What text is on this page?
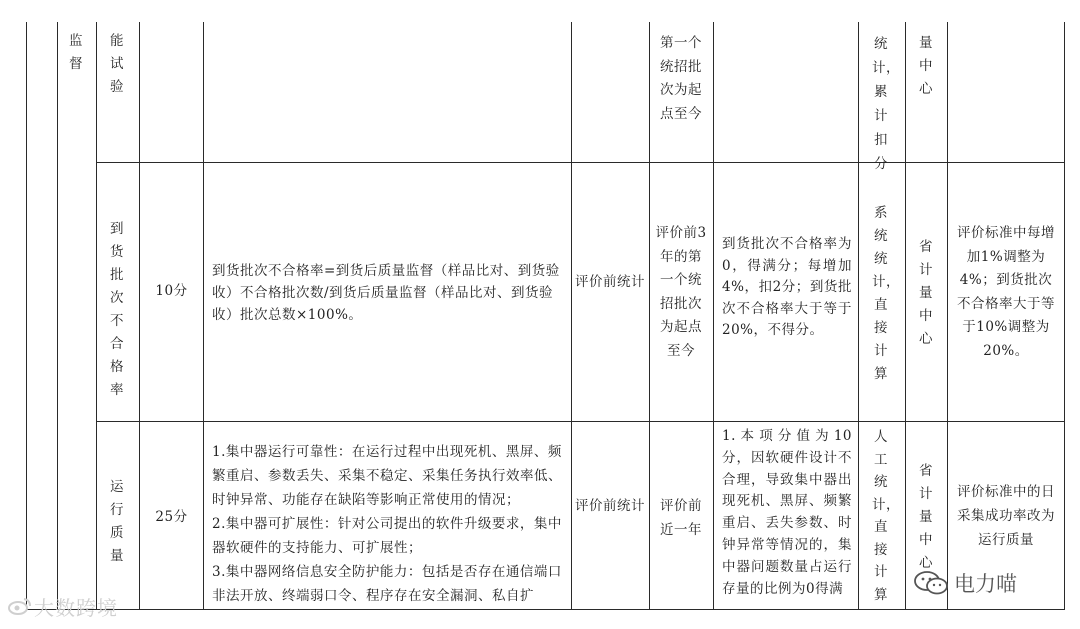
监督
能试验
第一个统招批次为起点至今
统计，累计扣分
量中心
到货批次不合格率
10分
到货批次不合格率=到货后质量监督（样品比对、到货验收）不合格批次数/到货后质量监督（样品比对、到货验收）批次总数×100%。
评价前统计
评价前3年的第一个统招批次为起点至今
到货批次不合格率为0，得满分；每增加4%，扣2分；到货批次不合格率大于等于20%，不得分。
系统统计，直接计算
省计量中心
评价标准中每增加1%调整为4%；到货批次不合格率大于等于10%调整为20%。
运行质量
25分
1.集中器运行可靠性：在运行过程中出现死机、黑屏、频繁重启、参数丢失、采集不稳定、采集任务执行效率低、时钟异常、功能存在缺陷等影响正常使用的情况；
2.集中器可扩展性：针对公司提出的软件升级要求，集中器软硬件的支持能力、可扩展性；
3.集中器网络信息安全防护能力：包括是否存在通信端口非法开放、终端弱口令、程序存在安全漏洞、私自扩
评价前统计	评价前近一年
1.本项分值为10分，因软硬件设计不合理，导致集中器出现死机、黑屏、频繁重启、丢失参数、时钟异常等情况的，集中器问题数量占运行存量的比例为0得满
人工统计，直接计算
省计量中心
评价标准中的日采集成功率改为运行质量
大数跨境
电力喵
